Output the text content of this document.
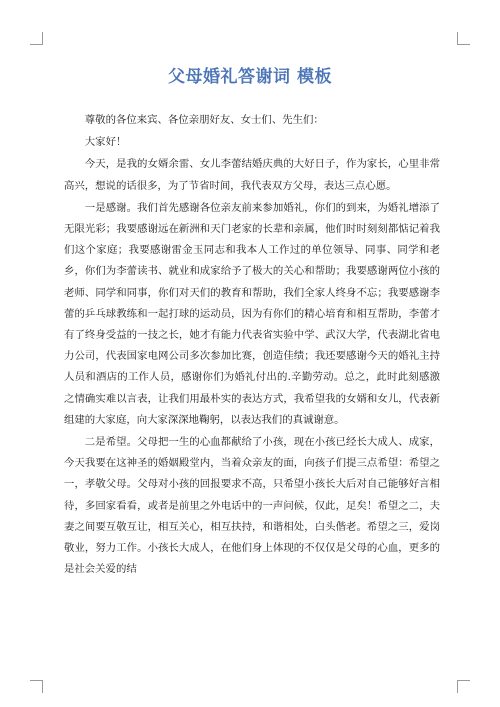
父母婚礼答谢词 模板

尊敬的各位来宾、各位亲朋好友、女士们、先生们：

大家好！

今天，是我的女婿余雷、女儿李蕾结婚庆典的大好日子，作为家长，心里非常高兴，想说的话很多，为了节省时间，我代表双方父母，表达三点心愿。

一是感谢。我们首先感谢各位亲友前来参加婚礼，你们的到来，为婚礼增添了无限光彩；我要感谢远在新洲和天门老家的长辈和亲属，他们时时刻刻都惦记着我们这个家庭；我要感谢雷金玉同志和我本人工作过的单位领导、同事、同学和老乡，你们为李蕾读书、就业和成家给予了极大的关心和帮助；我要感谢两位小孩的老师、同学和同事，你们对天们的教育和帮助，我们全家人终身不忘；我要感谢李蕾的乒乓球教练和一起打球的运动员，因为有你们的精心培育和相互帮助，李蕾才有了终身受益的一技之长，她才有能力代表省实验中学、武汉大学，代表湖北省电力公司，代表国家电网公司多次参加比赛，创造佳绩；我还要感谢今天的婚礼主持人员和酒店的工作人员，感谢你们为婚礼付出的.辛勤劳动。总之，此时此刻感激之情确实难以言表，让我们用最朴实的表达方式，我希望我的女婿和女儿，代表新组建的大家庭，向大家深深地鞠躬，以表达我们的真诚谢意。

二是希望。父母把一生的心血都献给了小孩，现在小孩已经长大成人、成家，今天我要在这神圣的婚姻殿堂内，当着众亲友的面，向孩子们提三点希望：希望之一，孝敬父母。父母对小孩的回报要求不高，只希望小孩长大后对自己能够好言相待，多回家看看，或者是前里之外电话中的一声问候，仅此，足矣！希望之二，夫妻之间要互敬互让，相互关心，相互扶持，和谐相处，白头偕老。希望之三，爱岗敬业，努力工作。小孩长大成人，在他们身上体现的不仅仅是父母的心血，更多的是社会关爱的结
